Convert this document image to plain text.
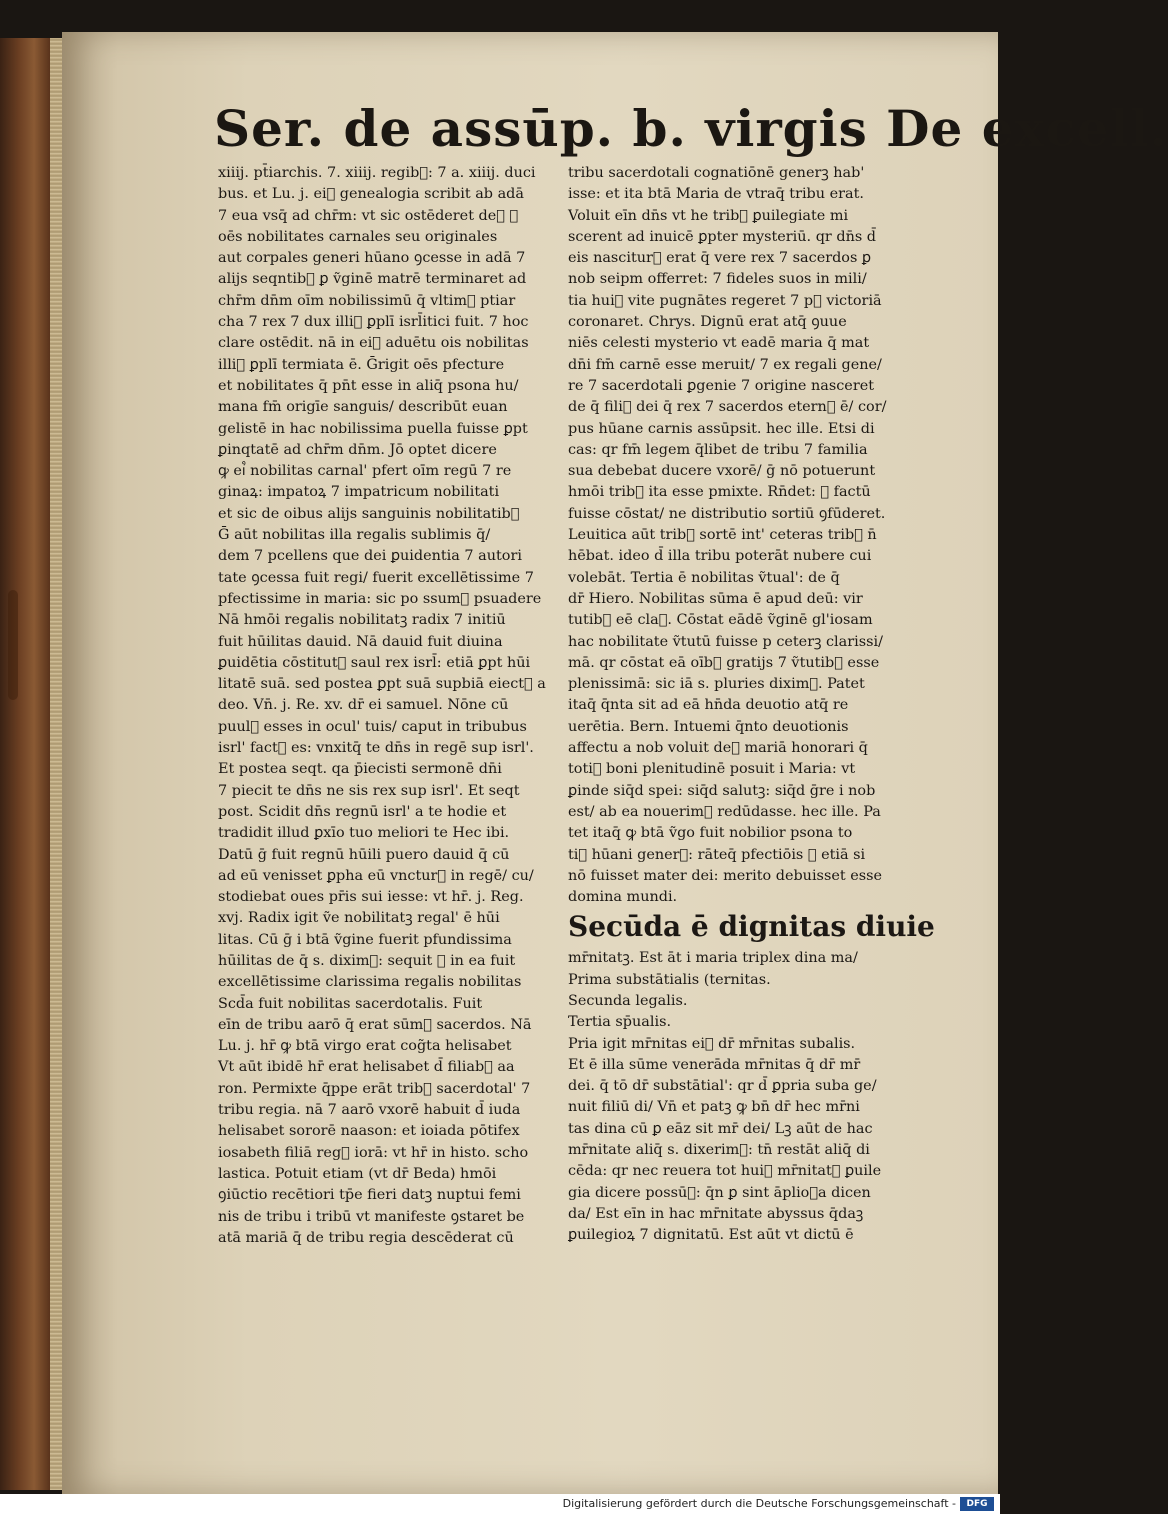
Ser. de assūp. b. virgis De excell.
xiiij. pt̄iarchis. 7. xiiij. regib᷒: 7 a. xiiij. duci
bus. et Lu. j. ei᷒ genealogia scribit ab adā
7 eua vsq̄ ad chr̄m: vt sic ostēderet de᷒ ꝙ
oēs nobilitates carnales seu originales
aut corpales generi hūano ꝯcesse in adā 7
alijs seqntib᷒ ꝑ ṽginē matrē terminaret ad
chr̄m dn̄m oīm nobilissimū q̄ vltim᷒ ptiar
cha 7 rex 7 dux illi᷒ ꝑplī isrl̄itici fuit. 7 hoc
clare ostēdit. nā in ei᷒ aduētu ois nobilitas
illi᷒ ꝑplī termiata ē. Ḡrigit oēs pfecture
et nobilitates q̄ pn̄t esse in aliq̄ psona hu/
mana fm̄ origīe sanguis/ describūt euan
gelistē in hac nobilissima puella fuisse ꝑpt
ꝑinqtatē ad chr̄m dn̄m. Jō optet dicere
ꝙ ei᷒ nobilitas carnal' pfert oīm regū 7 re
ginaꝝ: impatoꝝ 7 impatricum nobilitati
et sic de oibus alijs sanguinis nobilitatib᷒
Ḡ aūt nobilitas illa regalis sublimis q̄/
dem 7 pcellens que dei ꝑuidentia 7 autori
tate ꝯcessa fuit regi/ fuerit excellētissime 7
pfectissime in maria: sic po ssum᷒ psuadere
Nā hmōi regalis nobilitatꝫ radix 7 initiū
fuit hūilitas dauid. Nā dauid fuit diuina
ꝑuidētia cōstitut᷒ saul rex isrl̄: etiā ꝑpt hūi
litatē suā. sed postea ꝑpt suā supbiā eiect᷒ a
deo. Vn̄. j. Re. xv. dr̄ ei samuel. Nōne cū
puul᷒ esses in ocul' tuis/ caput in tribubus
isrl' fact᷒ es: vnxitq̄ te dn̄s in regē sup isrl'.
Et postea seqt. qa p̄iecisti sermonē dn̄i
7 piecit te dn̄s ne sis rex sup isrl'. Et seqt
post. Scidit dn̄s regnū isrl' a te hodie et
tradidit illud ꝑxīo tuo meliori te Hec ibi.
Datū ḡ fuit regnū hūili puero dauid q̄ cū
ad eū venisset ꝑpha eū vnctur᷒ in regē/ cu/
stodiebat oues pr̄is sui iesse: vt hr̄. j. Reg.
xvj. Radix igit ṽe nobilitatꝫ regal' ē hūi
litas. Cū ḡ i btā ṽgine fuerit pfundissima
hūilitas de q̄ s. dixim᷒: sequit ꝙ in ea fuit
excellētissime clarissima regalis nobilitas
Scd̄a fuit nobilitas sacerdotalis. Fuit
eīn de tribu aarō q̄ erat sūm᷒ sacerdos. Nā
Lu. j. hr̄ ꝙ btā virgo erat cog̃ta helisabet
Vt aūt ibidē hr̄ erat helisabet d̄ filiab᷒ aa
ron. Permixte q̄ppe erāt trib᷒ sacerdotal' 7
tribu regia. nā 7 aarō vxorē habuit d̄ iuda
helisabet sororē naason: et ioiada pōtifex
iosabeth filiā reg᷒ iorā: vt hr̄ in histo. scho
lastica. Potuit etiam (vt dr̄ Beda) hmōi
ꝯiūctio recētiori tp̄e fieri datꝫ nuptui femi
nis de tribu i tribū vt manifeste ꝯstaret be
atā mariā q̄ de tribu regia descēderat cū
tribu sacerdotali cognatiōnē generꝫ hab'
isse: et ita btā Maria de vtraq̄ tribu erat.
Voluit eīn dn̄s vt he trib᷒ ꝑuilegiate mi
scerent ad inuicē ꝑpter mysteriū. qr dn̄s d̄
eis nascitur᷒ erat q̄ vere rex 7 sacerdos ꝑ
nob seipm offerret: 7 fideles suos in mili/
tia hui᷒ vite pugnātes regeret 7 p᷒ victoriā
coronaret. Chrys. Dignū erat atq̄ ꝯuue
niēs celesti mysterio vt eadē maria q̄ mat
dn̄i fm̄ carnē esse meruit/ 7 ex regali gene/
re 7 sacerdotali ꝑgenie 7 origine nasceret
de q̄ fili᷒ dei q̄ rex 7 sacerdos etern᷒ ē/ cor/
pus hūane carnis assūpsit. hec ille. Etsi di
cas: qr fm̄ legem q̄libet de tribu 7 familia
sua debebat ducere vxorē/ ḡ nō potuerunt
hmōi trib᷒ ita esse pmixte. Rn̄det: ꝙ factū
fuisse cōstat/ ne distributio sortiū ꝯfūderet.
Leuitica aūt trib᷒ sortē int' ceteras trib᷒ n̄
hēbat. ideo d̄ illa tribu poterāt nubere cui
volebāt. Tertia ē nobilitas ṽtual': de q̄
dr̄ Hiero. Nobilitas sūma ē apud deū: vir
tutib᷒ eē claꝝ. Cōstat eādē ṽginē gl'iosam
hac nobilitate ṽtutū fuisse p ceterꝫ clarissi/
mā. qr cōstat eā oīb᷒ gratijs 7 ṽtutib᷒ esse
plenissimā: sic iā s. pluries dixim᷒. Patet
itaq̄ q̄nta sit ad eā hn̄da deuotio atq̄ re
uerētia. Bern. Intuemi q̄nto deuotionis
affectu a nob voluit de᷒ mariā honorari q̄
toti᷒ boni plenitudinē posuit i Maria: vt
ꝑinde siq̄d spei: siq̄d salutꝫ: siq̄d ḡre i nob
est/ ab ea nouerim᷒ redūdasse. hec ille. Pa
tet itaq̄ ꝙ btā ṽgo fuit nobilior psona to
ti᷒ hūani generꝫ: rāteq̄ pfectiōis ꝙ etiā si
nō fuisset mater dei: merito debuisset esse
domina mundi.
Secūda ē dignitas diuie
mr̄nitatꝫ. Est āt i maria triplex dina ma/
Prima substātialis (ternitas.
Secunda legalis.
Tertia sp̄ualis.
Pria igit mr̄nitas ei᷒ dr̄ mr̄nitas subalis.
Et ē illa sūme venerāda mr̄nitas q̄ dr̄ mr̄
dei. q̄ tō dr̄ substātial': qr d̄ ꝑpria suba ge/
nuit filiū di/ Vn̄ et patꝫ ꝙ bn̄ dr̄ hec mr̄ni
tas dina cū ꝑ eāz sit mr̄ dei/ Lꝫ aūt de hac
mr̄nitate aliq̄ s. dixerim᷒: tn̄ restāt aliq̄ di
cēda: qr nec reuera tot hui᷒ mr̄nitatꝫ ꝑuile
gia dicere possū᷒: q̄n ꝑ sint āplioꝛa dicen
da/ Est eīn in hac mr̄nitate abyssus q̄daꝫ
ꝑuilegioꝝ 7 dignitatū. Est aūt vt dictū ē
Digitalisierung gefördert durch die Deutsche Forschungsgemeinschaft -	DFG
